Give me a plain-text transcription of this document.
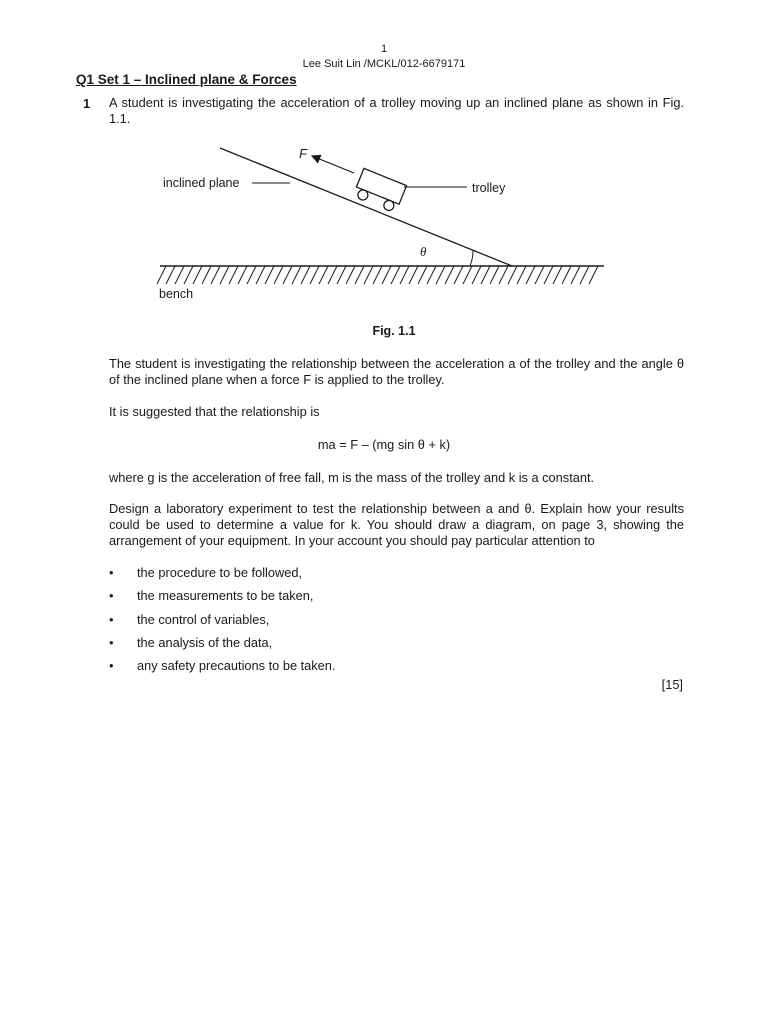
1
Lee Suit Lin /MCKL/012-6679171
Q1 Set 1 – Inclined plane & Forces
1 A student is investigating the acceleration of a trolley moving up an inclined plane as shown in Fig. 1.1.
F
inclined plane	trolley
θ
bench
Fig. 1.1
The student is investigating the relationship between the acceleration a of the trolley and the angle θ of the inclined plane when a force F is applied to the trolley.
It is suggested that the relationship is
ma = F – (mg sin θ + k)
where g is the acceleration of free fall, m is the mass of the trolley and k is a constant.
Design a laboratory experiment to test the relationship between a and θ. Explain how your results could be used to determine a value for k. You should draw a diagram, on page 3, showing the arrangement of your equipment. In your account you should pay particular attention to
• the procedure to be followed,
• the measurements to be taken,
• the control of variables,
• the analysis of the data,
• any safety precautions to be taken.
[15]
